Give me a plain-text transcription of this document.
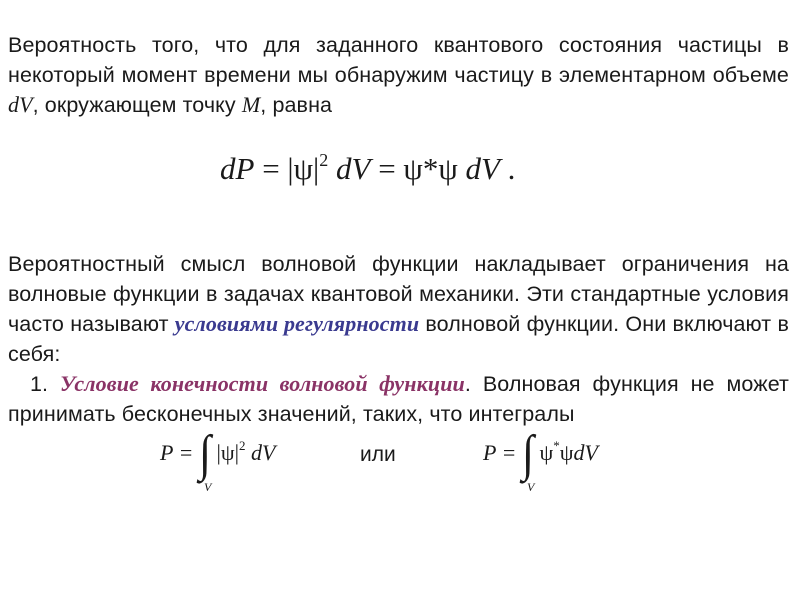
Вероятность того, что для заданного квантового состояния частицы в некоторый момент времени мы обнаружим частицу в элементарном объеме dV, окружающем точку M, равна
dP = $|\psi|^2$ dV = ψ*ψ dV .
Вероятностный смысл волновой функции накладывает ограничения на волновые функции в задачах квантовой механики. Эти стандартные условия часто называют условиями регулярности волновой функции. Они включают в себя:
1. Условие конечности волновой функции. Волновая функция не может принимать бесконечных значений, таких, что интегралы
P = ∫ $|\psi|^2$ dV
V
или	P = ∫ ψ*ψdV
V
